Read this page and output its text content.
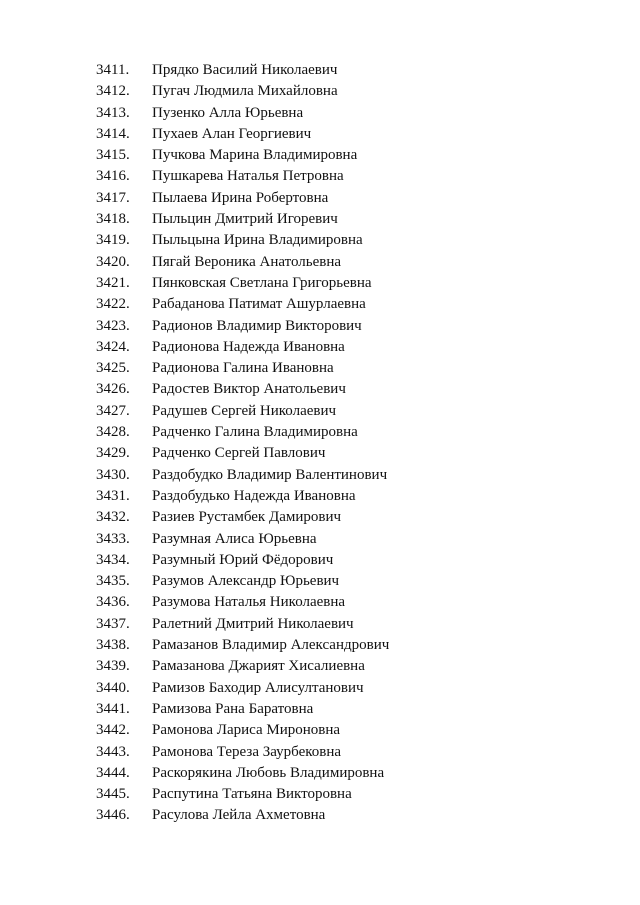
3411.	Прядко Василий Николаевич
3412.	Пугач Людмила Михайловна
3413.	Пузенко Алла Юрьевна
3414.	Пухаев Алан Георгиевич
3415.	Пучкова Марина Владимировна
3416.	Пушкарева Наталья Петровна
3417.	Пылаева Ирина Робертовна
3418.	Пыльцин Дмитрий Игоревич
3419.	Пыльцына Ирина Владимировна
3420.	Пягай Вероника Анатольевна
3421.	Пянковская Светлана Григорьевна
3422.	Рабаданова Патимат Ашурлаевна
3423.	Радионов Владимир Викторович
3424.	Радионова Надежда Ивановна
3425.	Радионова Галина Ивановна
3426.	Радостев Виктор Анатольевич
3427.	Радушев Сергей Николаевич
3428.	Радченко Галина Владимировна
3429.	Радченко Сергей Павлович
3430.	Раздобудко Владимир Валентинович
3431.	Раздобудько Надежда Ивановна
3432.	Разиев Рустамбек Дамирович
3433.	Разумная Алиса Юрьевна
3434.	Разумный Юрий Фёдорович
3435.	Разумов Александр Юрьевич
3436.	Разумова Наталья Николаевна
3437.	Ралетний Дмитрий Николаевич
3438.	Рамазанов Владимир Александрович
3439.	Рамазанова Джарият Хисалиевна
3440.	Рамизов Баходир Алисултанович
3441.	Рамизова Рана Баратовна
3442.	Рамонова Лариса Мироновна
3443.	Рамонова Тереза Заурбековна
3444.	Раскорякина Любовь Владимировна
3445.	Распутина Татьяна Викторовна
3446.	Расулова Лейла Ахметовна
